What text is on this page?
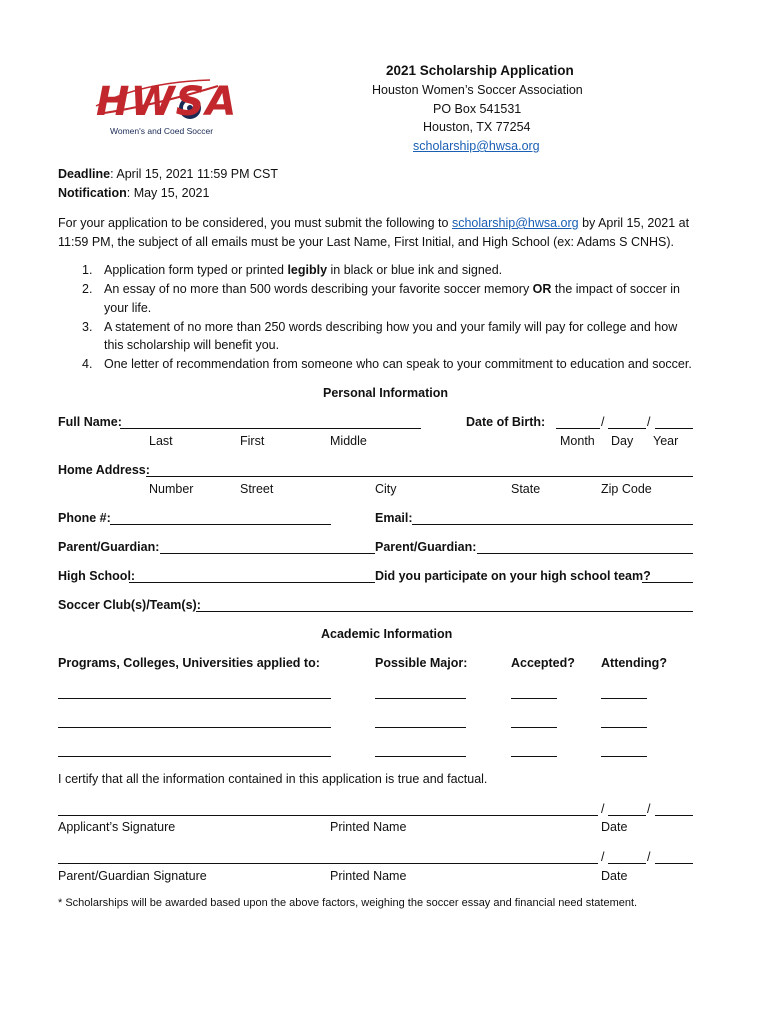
HWSA
Women's and Coed Soccer
2021 Scholarship Application
Houston Women’s Soccer Association
PO Box 541531
Houston, TX 77254
scholarship@hwsa.org
Deadline: April 15, 2021 11:59 PM CST
Notification: May 15, 2021
For your application to be considered, you must submit the following to scholarship@hwsa.org by April 15, 2021 at
11:59 PM, the subject of all emails must be your Last Name, First Initial, and High School (ex: Adams S CNHS).
1. Application form typed or printed legibly in black or blue ink and signed.
2. An essay of no more than 500 words describing your favorite soccer memory OR the impact of soccer in
your life.
3. A statement of no more than 250 words describing how you and your family will pay for college and how
this scholarship will benefit you.
4. One letter of recommendation from someone who can speak to your commitment to education and soccer.
Personal Information
Full Name:
Last	First	Middle
Date of Birth:	/	/
Month Day Year
Home Address:
Number	Street	City	State	Zip Code
Phone #:	Email:
Parent/Guardian:	Parent/Guardian:
High School:	Did you participate on your high school team?
Soccer Club(s)/Team(s):
Academic Information
Programs, Colleges, Universities applied to:	Possible Major:	Accepted? Attending?
I certify that all the information contained in this application is true and factual.
/	/
Applicant’s Signature	Printed Name	Date
/	/
Parent/Guardian Signature	Printed Name	Date
* Scholarships will be awarded based upon the above factors, weighing the soccer essay and financial need statement.
